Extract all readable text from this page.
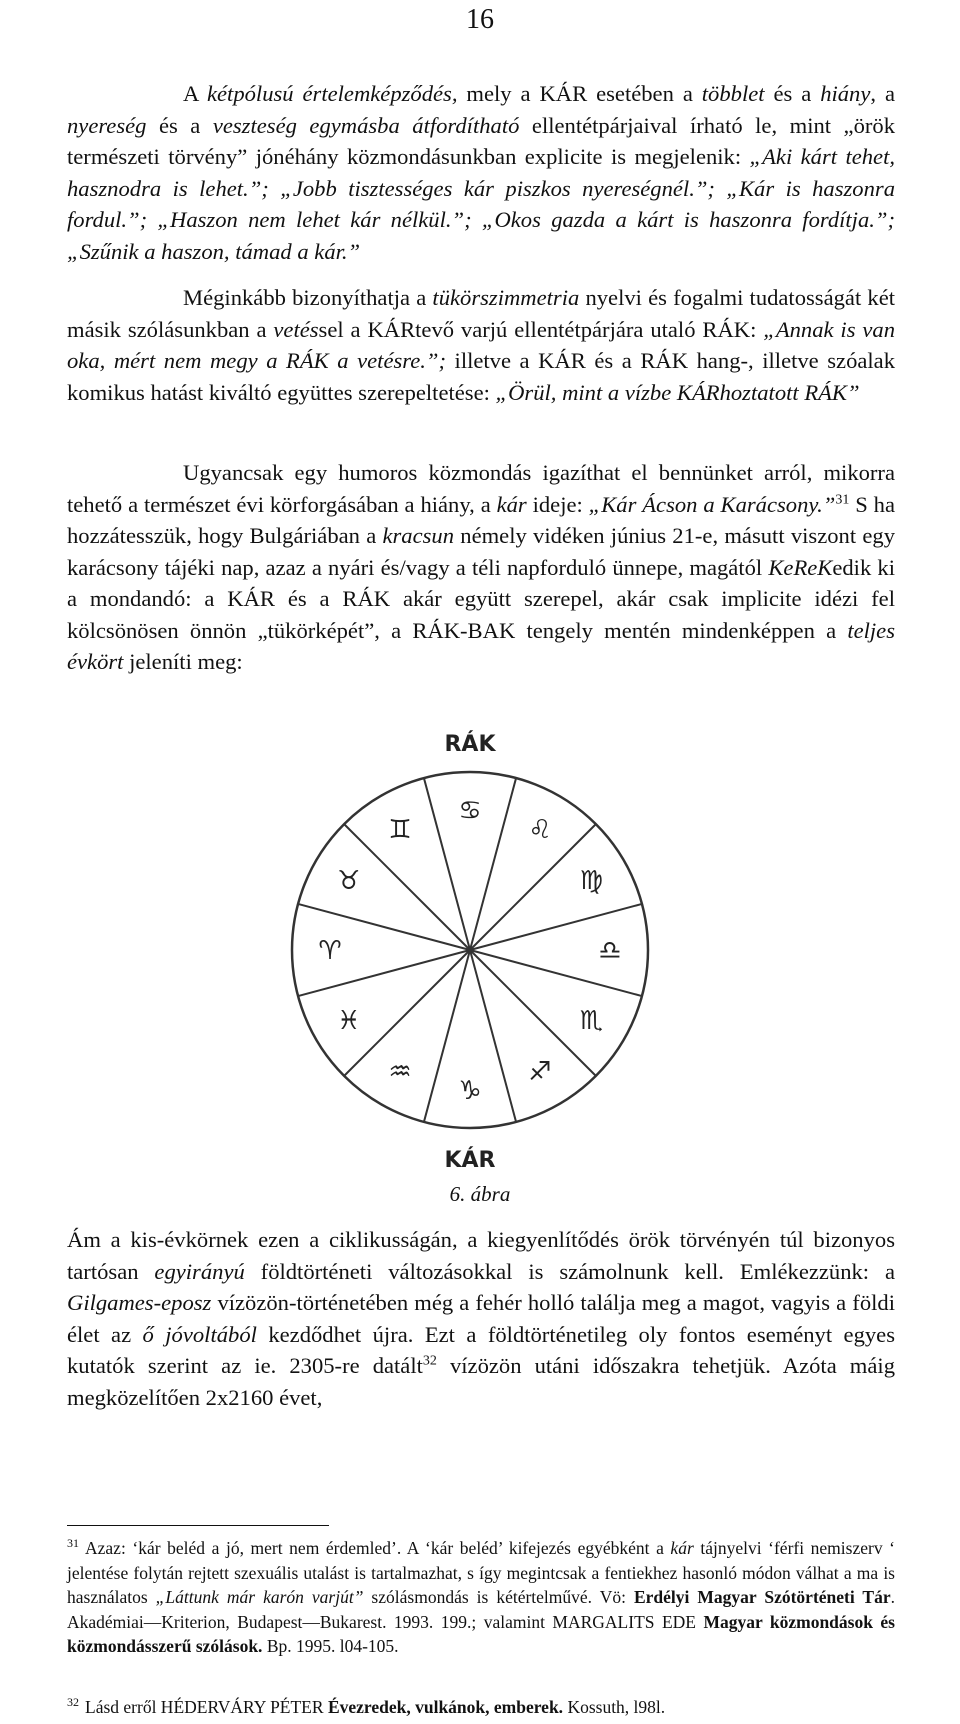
16

A kétpólusú értelemképződés, mely a KÁR esetében a többlet és a hiány, a nyereség és a veszteség egymásba átfordítható ellentétpárjaival írható le, mint „örök természeti törvény” jónéhány közmondásunkban explicite is megjelenik: „Aki kárt tehet, hasznodra is lehet.”; „Jobb tisztességes kár piszkos nyereségnél.”; „Kár is haszonra fordul.”; „Haszon nem lehet kár nélkül.”; „Okos gazda a kárt is haszonra fordítja.”; „Szűnik a haszon, támad a kár.”

Méginkább bizonyíthatja a tükörszimmetria nyelvi és fogalmi tudatosságát két másik szólásunkban a vetéssel a KÁRtevő varjú ellentétpárjára utaló RÁK: „Annak is van oka, mért nem megy a RÁK a vetésre.”; illetve a KÁR és a RÁK hang-, illetve szóalak komikus hatást kiváltó együttes szerepeltetése: „Örül, mint a vízbe KÁRhoztatott RÁK”

Ugyancsak egy humoros közmondás igazíthat el bennünket arról, mikorra tehető a természet évi körforgásában a hiány, a kár ideje: „Kár Ácson a Karácsony.”$^{31}$ S ha hozzátesszük, hogy Bulgáriában a kracsun némely vidéken június 21-e, másutt viszont egy karácsony tájéki nap, azaz a nyári és/vagy a téli napforduló ünnepe, magától KeReKedik ki a mondandó: a KÁR és a RÁK akár együtt szerepel, akár csak implicite idézi fel kölcsönösen önnön „tükörképét”, a RÁK-BAK tengely mentén mindenképpen a teljes évkört jeleníti meg:

RÁK
♋
♌
♍
♎
♏
♐
♑
♒
♓
♈
♉
♊
KÁR
6. ábra

Ám a kis-évkörnek ezen a ciklikusságán, a kiegyenlítődés örök törvényén túl bizonyos tartósan egyirányú földtörténeti változásokkal is számolnunk kell. Emlékezzünk: a Gilgames-eposz vízözön-történetében még a fehér holló találja meg a magot, vagyis a földi élet az ő jóvoltából kezdődhet újra. Ezt a földtörténetileg oly fontos eseményt egyes kutatók szerint az ie. 2305-re datált$^{32}$ vízözön utáni időszakra tehetjük. Azóta máig megközelítően 2x2160 évet,

$^{31}$ Azaz: ‘kár beléd a jó, mert nem érdemled’. A ‘kár beléd’ kifejezés egyébként a kár tájnyelvi ‘férfi nemiszerv ‘ jelentése folytán rejtett szexuális utalást is tartalmazhat, s így megintcsak a fentiekhez hasonló módon válhat a ma is használatos „Láttunk már karón varjút” szólásmondás is kétértelművé. Vö: Erdélyi Magyar Szótörténeti Tár. Akadémiai—Kriterion, Budapest—Bukarest. 1993. 199.; valamint MARGALITS EDE Magyar közmondások és közmondásszerű szólások. Bp. 1995. l04-105.

$^{32}$ Lásd erről HÉDERVÁRY PÉTER Évezredek, vulkánok, emberek. Kossuth, l98l.
